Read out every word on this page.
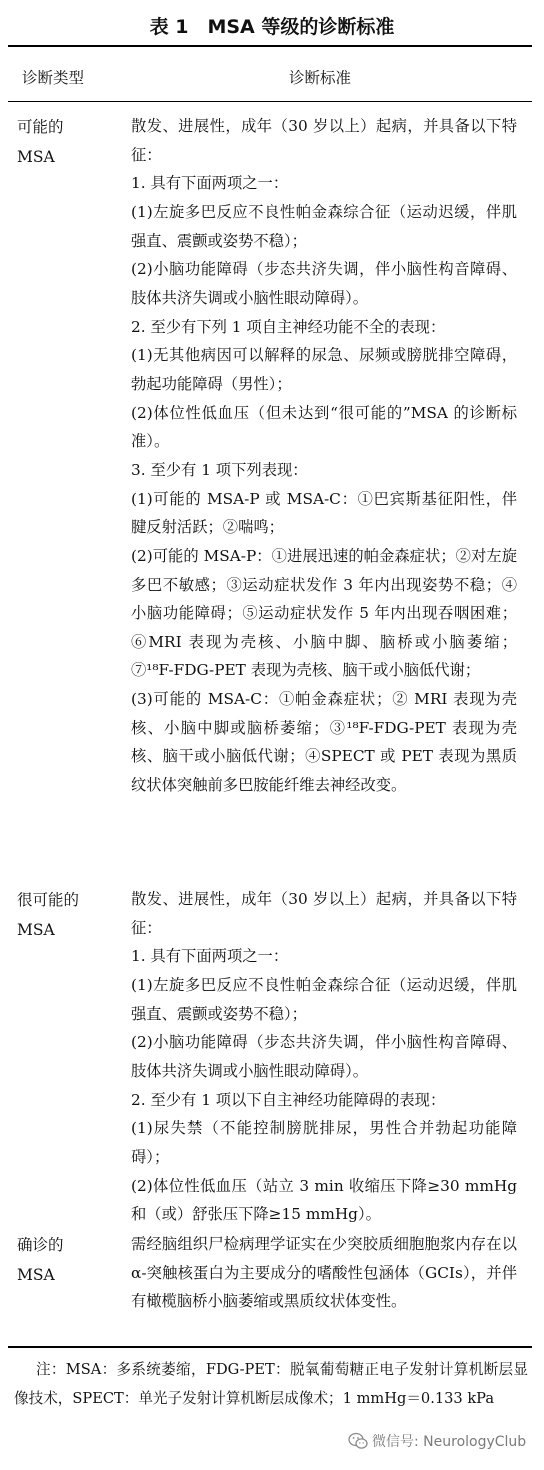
表 1　MSA 等级的诊断标准
诊断类型	诊断标准
可能的
MSA

散发、进展性，成年（30 岁以上）起病，并具备以下特征：

1. 具有下面两项之一：

(1)左旋多巴反应不良性帕金森综合征（运动迟缓，伴肌强直、震颤或姿势不稳）；

(2)小脑功能障碍（步态共济失调，伴小脑性构音障碍、肢体共济失调或小脑性眼动障碍）。

2. 至少有下列 1 项自主神经功能不全的表现：

(1)无其他病因可以解释的尿急、尿频或膀胱排空障碍，勃起功能障碍（男性）；

(2)体位性低血压（但未达到“很可能的”MSA 的诊断标准）。

3. 至少有 1 项下列表现：

(1)可能的 MSA-P 或 MSA-C：①巴宾斯基征阳性，伴腱反射活跃；②喘鸣；

(2)可能的 MSA-P：①进展迅速的帕金森症状；②对左旋多巴不敏感；③运动症状发作 3 年内出现姿势不稳；④小脑功能障碍；⑤运动症状发作 5 年内出现吞咽困难；⑥MRI 表现为壳核、小脑中脚、脑桥或小脑萎缩；⑦¹⁸F-FDG-PET 表现为壳核、脑干或小脑低代谢；

(3)可能的 MSA-C：①帕金森症状；② MRI 表现为壳核、小脑中脚或脑桥萎缩；③¹⁸F-FDG-PET 表现为壳核、脑干或小脑低代谢；④SPECT 或 PET 表现为黑质纹状体突触前多巴胺能纤维去神经改变。

很可能的
MSA

散发、进展性，成年（30 岁以上）起病，并具备以下特征：

1. 具有下面两项之一：

(1)左旋多巴反应不良性帕金森综合征（运动迟缓，伴肌强直、震颤或姿势不稳）；

(2)小脑功能障碍（步态共济失调，伴小脑性构音障碍、肢体共济失调或小脑性眼动障碍）。

2. 至少有 1 项以下自主神经功能障碍的表现：

(1)尿失禁（不能控制膀胱排尿，男性合并勃起功能障碍）；

(2)体位性低血压（站立 3 min 收缩压下降≥30 mmHg 和（或）舒张压下降≥15 mmHg）。

确诊的
MSA

需经脑组织尸检病理学证实在少突胶质细胞胞浆内存在以 α-突触核蛋白为主要成分的嗜酸性包涵体（GCIs），并伴有橄榄脑桥小脑萎缩或黑质纹状体变性。

注：MSA：多系统萎缩，FDG-PET：脱氧葡萄糖正电子发射计算机断层显像技术，SPECT：单光子发射计算机断层成像术；1 mmHg＝0.133 kPa

微信号: NeurologyClub
